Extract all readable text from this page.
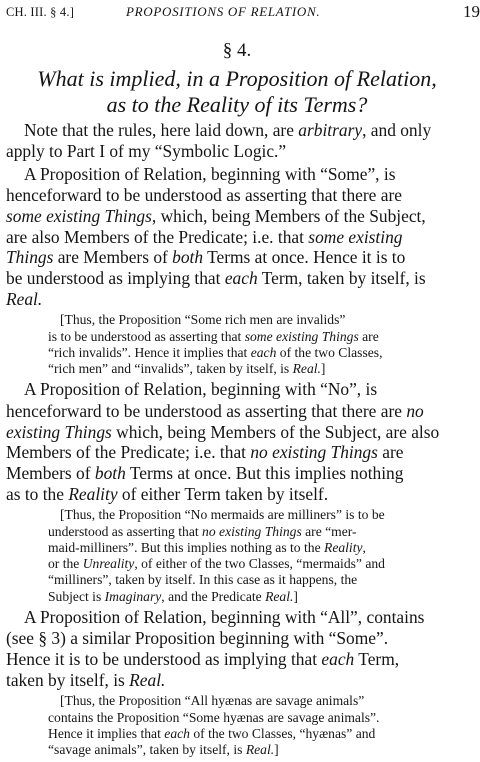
CH. III. § 4.]	PROPOSITIONS OF RELATION.	19
§ 4.
What is implied, in a Proposition of Relation,
as to the Reality of its Terms?
Note that the rules, here laid down, are arbitrary, and only
apply to Part I of my “Symbolic Logic.”
A Proposition of Relation, beginning with “Some”, is
henceforward to be understood as asserting that there are
some existing Things, which, being Members of the Subject,
are also Members of the Predicate; i.e. that some existing
Things are Members of both Terms at once. Hence it is to
be understood as implying that each Term, taken by itself, is
Real.
[Thus, the Proposition “Some rich men are invalids”
is to be understood as asserting that some existing Things are
“rich invalids”. Hence it implies that each of the two Classes,
“rich men” and “invalids”, taken by itself, is Real.]
A Proposition of Relation, beginning with “No”, is
henceforward to be understood as asserting that there are no
existing Things which, being Members of the Subject, are also
Members of the Predicate; i.e. that no existing Things are
Members of both Terms at once. But this implies nothing
as to the Reality of either Term taken by itself.
[Thus, the Proposition “No mermaids are milliners” is to be
understood as asserting that no existing Things are “mer-
maid-milliners”. But this implies nothing as to the Reality,
or the Unreality, of either of the two Classes, “mermaids” and
“milliners”, taken by itself. In this case as it happens, the
Subject is Imaginary, and the Predicate Real.]
A Proposition of Relation, beginning with “All”, contains
(see § 3) a similar Proposition beginning with “Some”.
Hence it is to be understood as implying that each Term,
taken by itself, is Real.
[Thus, the Proposition “All hyænas are savage animals”
contains the Proposition “Some hyænas are savage animals”.
Hence it implies that each of the two Classes, “hyænas” and
“savage animals”, taken by itself, is Real.]
